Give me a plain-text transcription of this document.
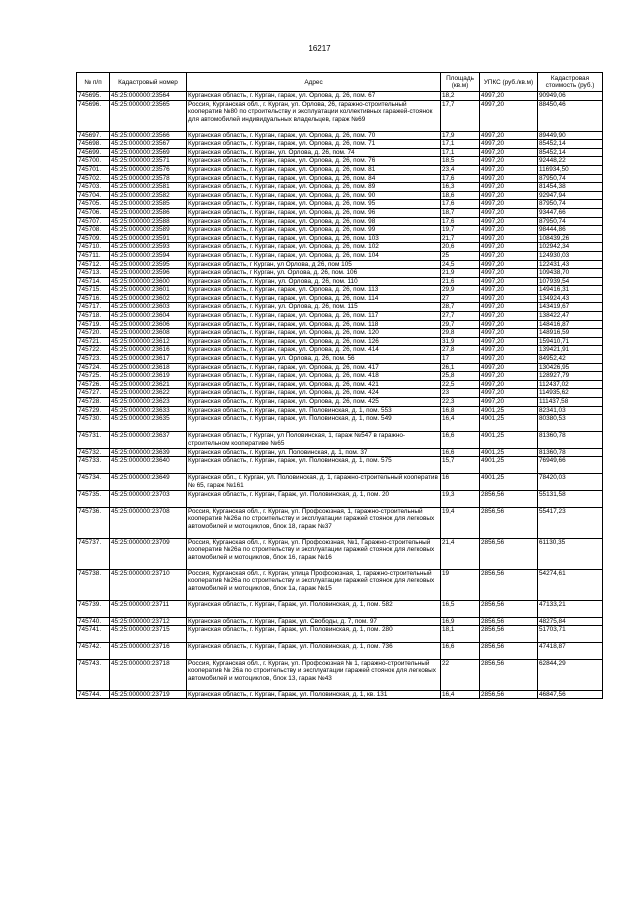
16217
№ п/п	Кадастровый номер	Адрес	Площадь (кв.м)	УПКС (руб./кв.м)	Кадастровая стоимость (руб.)
745695.	45:25:000000:23564	Курганская область, г. Курган, гараж, ул. Орлова, д. 26, пом. 67	18,2	4997,20	90949,06
745696.	45:25:000000:23565	Россия, Курганская обл., г. Курган, ул. Орлова, 26, гаражно-строительный кооператив №80 по строительству и эксплуатации коллективных гаражей-стоянок для автомобилей индивидуальных владельцев, гараж №69	17,7	4997,20	88450,46
745697.	45:25:000000:23566	Курганская область, г. Курган, гараж, ул. Орлова, д. 26, пом. 70	17,9	4997,20	89449,90
745698.	45:25:000000:23567	Курганская область, г. Курган, гараж, ул. Орлова, д. 26, пом. 71	17,1	4997,20	85452,14
745699.	45:25:000000:23569	Курганская область, г. Курган, ул. Орлова, д. 26, пом. 74	17,1	4997,20	85452,14
745700.	45:25:000000:23571	Курганская область, г. Курган, гараж, ул. Орлова, д. 26, пом. 76	18,5	4997,20	92448,22
745701.	45:25:000000:23576	Курганская область, г. Курган, гараж, ул. Орлова, д. 26, пом. 81	23,4	4997,20	116934,50
745702.	45:25:000000:23578	Курганская область, г. Курган, гараж, ул. Орлова, д. 26, пом. 84	17,6	4997,20	87950,74
745703.	45:25:000000:23581	Курганская область, г. Курган, гараж, ул. Орлова, д. 26, пом. 89	16,3	4997,20	81454,38
745704.	45:25:000000:23582	Курганская область, г. Курган, гараж, ул. Орлова, д. 26, пом. 90	18,6	4997,20	92947,94
745705.	45:25:000000:23585	Курганская область, г. Курган, гараж, ул. Орлова, д. 26, пом. 95	17,6	4997,20	87950,74
745706.	45:25:000000:23586	Курганская область, г. Курган, гараж, ул. Орлова, д. 26, пом. 96	18,7	4997,20	93447,66
745707.	45:25:000000:23588	Курганская область, г. Курган, гараж, ул. Орлова, д. 26, пом. 98	17,6	4997,20	87950,74
745708.	45:25:000000:23589	Курганская область, г. Курган, гараж, ул. Орлова, д. 26, пом. 99	19,7	4997,20	98444,86
745709.	45:25:000000:23591	Курганская область, г. Курган, гараж, ул. Орлова, д. 26, пом. 103	21,7	4997,20	108439,26
745710.	45:25:000000:23593	Курганская область, г. Курган, гараж, ул. Орлова, д. 26, пом. 102	20,6	4997,20	102942,34
745711.	45:25:000000:23594	Курганская область, г. Курган, гараж, ул. Орлова, д. 26, пом. 104	25	4997,20	124930,03
745712.	45:25:000000:23595	Курганская область, г Курган, ул Орлова, д 26, пом 105	24,5	4997,20	122431,43
745713.	45:25:000000:23596	Курганская область, г Курган, ул. Орлова, д. 26, пом. 106	21,9	4997,20	109438,70
745714.	45:25:000000:23600	Курганская область, г. Курган, ул. Орлова, д. 26, пом. 110	21,6	4997,20	107939,54
745715.	45:25:000000:23601	Курганская область, г. Курган, гараж, ул. Орлова, д. 26, пом. 113	29,9	4997,20	149416,31
745716.	45:25:000000:23602	Курганская область, г. Курган, гараж, ул. Орлова, д. 26, пом. 114	27	4997,20	134924,43
745717.	45:25:000000:23603	Курганская область, г. Курган, ул. Орлова, д. 26, пом. 115	28,7	4997,20	143419,67
745718.	45:25:000000:23604	Курганская область, г. Курган, гараж, ул. Орлова, д. 26, пом. 117	27,7	4997,20	138422,47
745719.	45:25:000000:23606	Курганская область, г. Курган, гараж, ул. Орлова, д. 26, пом. 118	29,7	4997,20	148416,87
745720.	45:25:000000:23608	Курганская область, г. Курган, гараж, ул. Орлова, д. 26, пом. 120	29,8	4997,20	148916,59
745721.	45:25:000000:23612	Курганская область, г. Курган, гараж, ул. Орлова, д. 26, пом. 126	31,9	4997,20	159410,71
745722.	45:25:000000:23616	Курганская область, г. Курган, гараж, ул. Орлова, д. 26, пом. 414	27,8	4997,20	139421,91
745723.	45:25:000000:23617	Курганская область, г. Курган, ул. Орлова, д. 26, пом. 56	17	4997,20	84952,42
745724.	45:25:000000:23618	Курганская область, г. Курган, гараж, ул. Орлова, д. 26, пом. 417	26,1	4997,20	130426,95
745725.	45:25:000000:23619	Курганская область, г. Курган, гараж, ул. Орлова, д. 26, пом. 418	25,8	4997,20	128927,79
745726.	45:25:000000:23621	Курганская область, г. Курган, гараж, ул. Орлова, д. 26, пом. 421	22,5	4997,20	112437,02
745727.	45:25:000000:23622	Курганская область, г. Курган, гараж, ул. Орлова, д. 26, пом. 424	23	4997,20	114935,62
745728.	45:25:000000:23623	Курганская область, г. Курган, гараж, ул. Орлова, д. 26, пом. 425	22,3	4997,20	111437,58
745729.	45:25:000000:23633	Курганская область, г. Курган, гараж, ул. Половинская, д. 1, пом. 553	16,8	4901,25	82341,03
745730.	45:25:000000:23635	Курганская область, г. Курган, гараж, ул. Половинская, д. 1, пом. 549	16,4	4901,25	80380,53
745731.	45:25:000000:23637	Курганская область, г Курган, ул Половинская, 1, гараж №547 в гаражно-строительном кооперативе №65	16,6	4901,25	81360,78
745732.	45:25:000000:23639	Курганская область, г. Курган, ул. Половинская, д. 1, пом. 37	16,6	4901,25	81360,78
745733.	45:25:000000:23640	Курганская область, г. Курган, гараж, ул. Половинская, д. 1, пом. 575	15,7	4901,25	76949,66
745734.	45:25:000000:23649	Курганская обл., г. Курган, ул. Половинская, д. 1, гаражно-строительный кооператив № 65, гараж №161	16	4901,25	78420,03
745735.	45:25:000000:23703	Курганская область, г. Курган, Гараж, ул. Половинская, д. 1, пом. 20	19,3	2856,56	55131,58
745736.	45:25:000000:23708	Россия, Курганская обл., г. Курган, ул. Профсоюзная, 1, гаражно-строительный кооператив №26а по строительству и эксплуатации гаражей стоянок для легковых автомобилей и мотоциклов, блок 18, гараж №37	19,4	2856,56	55417,23
745737.	45:25:000000:23709	Россия, Курганская обл., г. Курган, ул. Профсоюзная, №1, Гаражно-строительный кооператив №26а по строительству и эксплуатации гаражей стоянок для легковых автомобилей и мотоциклов, блок 16, гараж №16	21,4	2856,56	61130,35
745738.	45:25:000000:23710	Россия, Курганская обл., г. Курган, улица Профсоюзная, 1, гаражно-строительный кооператив №26а по строительству и эксплуатации гаражей стоянок для легковых автомобилей и мотоциклов, блок 1а, гараж №15	19	2856,56	54274,61
745739.	45:25:000000:23711	Курганская область, г. Курган, Гараж, ул. Половинская, д. 1, пом. 582	16,5	2856,56	47133,21
745740.	45:25:000000:23712	Курганская область, г. Курган, Гараж, ул. Свободы, д. 7, пом. 97	16,9	2856,56	48275,84
745741.	45:25:000000:23715	Курганская область, г. Курган, Гараж, ул. Половинская, д. 1, пом. 280	18,1	2856,56	51703,71
745742.	45:25:000000:23716	Курганская область, г. Курган, Гараж, ул. Половинская, д. 1, пом. 736	16,6	2856,56	47418,87
745743.	45:25:000000:23718	Россия, Курганская обл., г. Курган, ул. Профсоюзная № 1, гаражно-строительный кооператив № 26а по строительству и эксплуатации гаражей стоянок для легковых автомобилей и мотоциклов, блок 13, гараж №43	22	2856,56	62844,29
745744.	45:25:000000:23719	Курганская область, г. Курган, Гараж, ул. Половинская, д. 1, кв. 131	16,4	2856,56	46847,56
